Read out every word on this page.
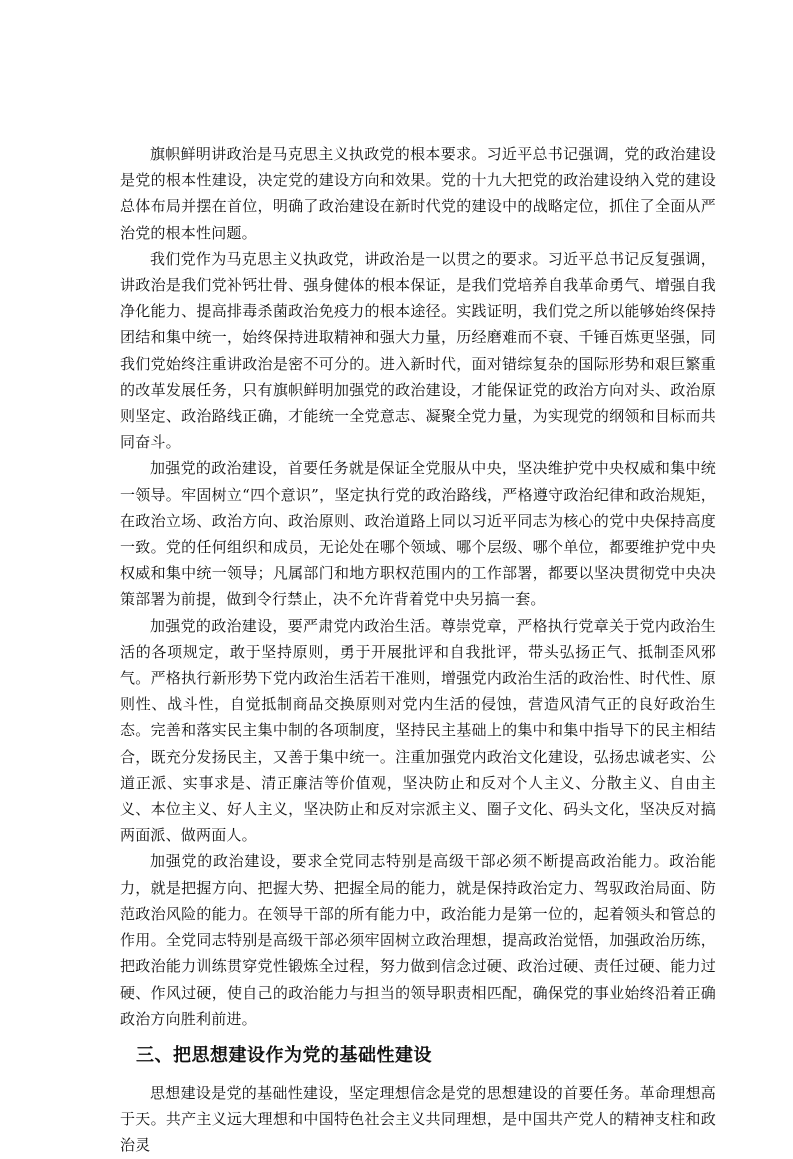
旗帜鲜明讲政治是马克思主义执政党的根本要求。习近平总书记强调，党的政治建设是党的根本性建设，决定党的建设方向和效果。党的十九大把党的政治建设纳入党的建设总体布局并摆在首位，明确了政治建设在新时代党的建设中的战略定位，抓住了全面从严治党的根本性问题。

我们党作为马克思主义执政党，讲政治是一以贯之的要求。习近平总书记反复强调，讲政治是我们党补钙壮骨、强身健体的根本保证，是我们党培养自我革命勇气、增强自我净化能力、提高排毒杀菌政治免疫力的根本途径。实践证明，我们党之所以能够始终保持团结和集中统一，始终保持进取精神和强大力量，历经磨难而不衰、千锤百炼更坚强，同我们党始终注重讲政治是密不可分的。进入新时代，面对错综复杂的国际形势和艰巨繁重的改革发展任务，只有旗帜鲜明加强党的政治建设，才能保证党的政治方向对头、政治原则坚定、政治路线正确，才能统一全党意志、凝聚全党力量，为实现党的纲领和目标而共同奋斗。

加强党的政治建设，首要任务就是保证全党服从中央，坚决维护党中央权威和集中统一领导。牢固树立“四个意识”，坚定执行党的政治路线，严格遵守政治纪律和政治规矩，在政治立场、政治方向、政治原则、政治道路上同以习近平同志为核心的党中央保持高度一致。党的任何组织和成员，无论处在哪个领域、哪个层级、哪个单位，都要维护党中央权威和集中统一领导；凡属部门和地方职权范围内的工作部署，都要以坚决贯彻党中央决策部署为前提，做到令行禁止，决不允许背着党中央另搞一套。

加强党的政治建设，要严肃党内政治生活。尊崇党章，严格执行党章关于党内政治生活的各项规定，敢于坚持原则，勇于开展批评和自我批评，带头弘扬正气、抵制歪风邪气。严格执行新形势下党内政治生活若干准则，增强党内政治生活的政治性、时代性、原则性、战斗性，自觉抵制商品交换原则对党内生活的侵蚀，营造风清气正的良好政治生态。完善和落实民主集中制的各项制度，坚持民主基础上的集中和集中指导下的民主相结合，既充分发扬民主，又善于集中统一。注重加强党内政治文化建设，弘扬忠诚老实、公道正派、实事求是、清正廉洁等价值观，坚决防止和反对个人主义、分散主义、自由主义、本位主义、好人主义，坚决防止和反对宗派主义、圈子文化、码头文化，坚决反对搞两面派、做两面人。

加强党的政治建设，要求全党同志特别是高级干部必须不断提高政治能力。政治能力，就是把握方向、把握大势、把握全局的能力，就是保持政治定力、驾驭政治局面、防范政治风险的能力。在领导干部的所有能力中，政治能力是第一位的，起着领头和管总的作用。全党同志特别是高级干部必须牢固树立政治理想，提高政治觉悟，加强政治历练，把政治能力训练贯穿党性锻炼全过程，努力做到信念过硬、政治过硬、责任过硬、能力过硬、作风过硬，使自己的政治能力与担当的领导职责相匹配，确保党的事业始终沿着正确政治方向胜利前进。

三、把思想建设作为党的基础性建设

思想建设是党的基础性建设，坚定理想信念是党的思想建设的首要任务。革命理想高于天。共产主义远大理想和中国特色社会主义共同理想，是中国共产党人的精神支柱和政治灵
